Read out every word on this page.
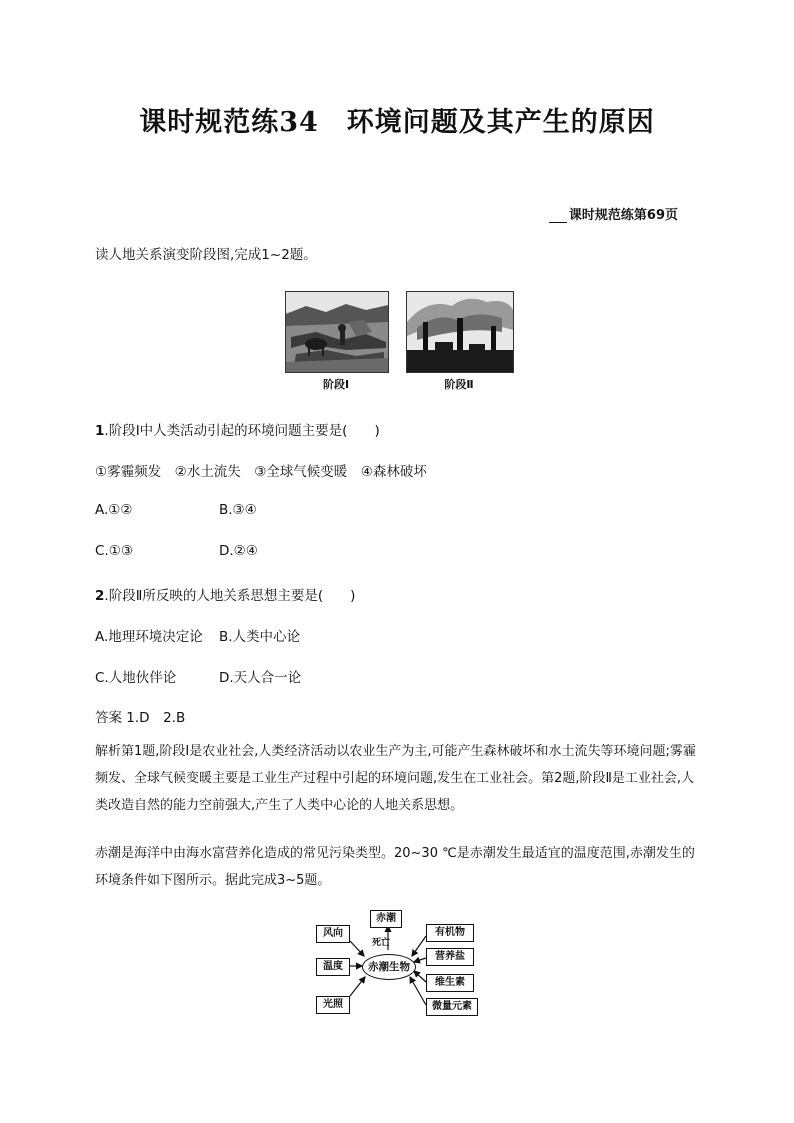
课时规范练34　环境问题及其产生的原因
课时规范练第69页
读人地关系演变阶段图,完成1~2题。
阶段Ⅰ	阶段Ⅱ
1.阶段Ⅰ中人类活动引起的环境问题主要是(　　)
①雾霾频发　②水土流失　③全球气候变暖　④森林破坏
A.①②	B.③④
C.①③	D.②④
2.阶段Ⅱ所反映的人地关系思想主要是(　　)
A.地理环境决定论 B.人类中心论
C.人地伙伴论	D.天人合一论
答案 1.D　2.B
解析第1题,阶段Ⅰ是农业社会,人类经济活动以农业生产为主,可能产生森林破坏和水土流失等环境问题;雾霾频发、全球气候变暖主要是工业生产过程中引起的环境问题,发生在工业社会。第2题,阶段Ⅱ是工业社会,人类改造自然的能力空前强大,产生了人类中心论的人地关系思想。
赤潮是海洋中由海水富营养化造成的常见污染类型。20~30 ℃是赤潮发生最适宜的温度范围,赤潮发生的环境条件如下图所示。据此完成3~5题。
赤潮
死亡
赤潮生物
风向
温度
光照
有机物
营养盐
维生素
微量元素
